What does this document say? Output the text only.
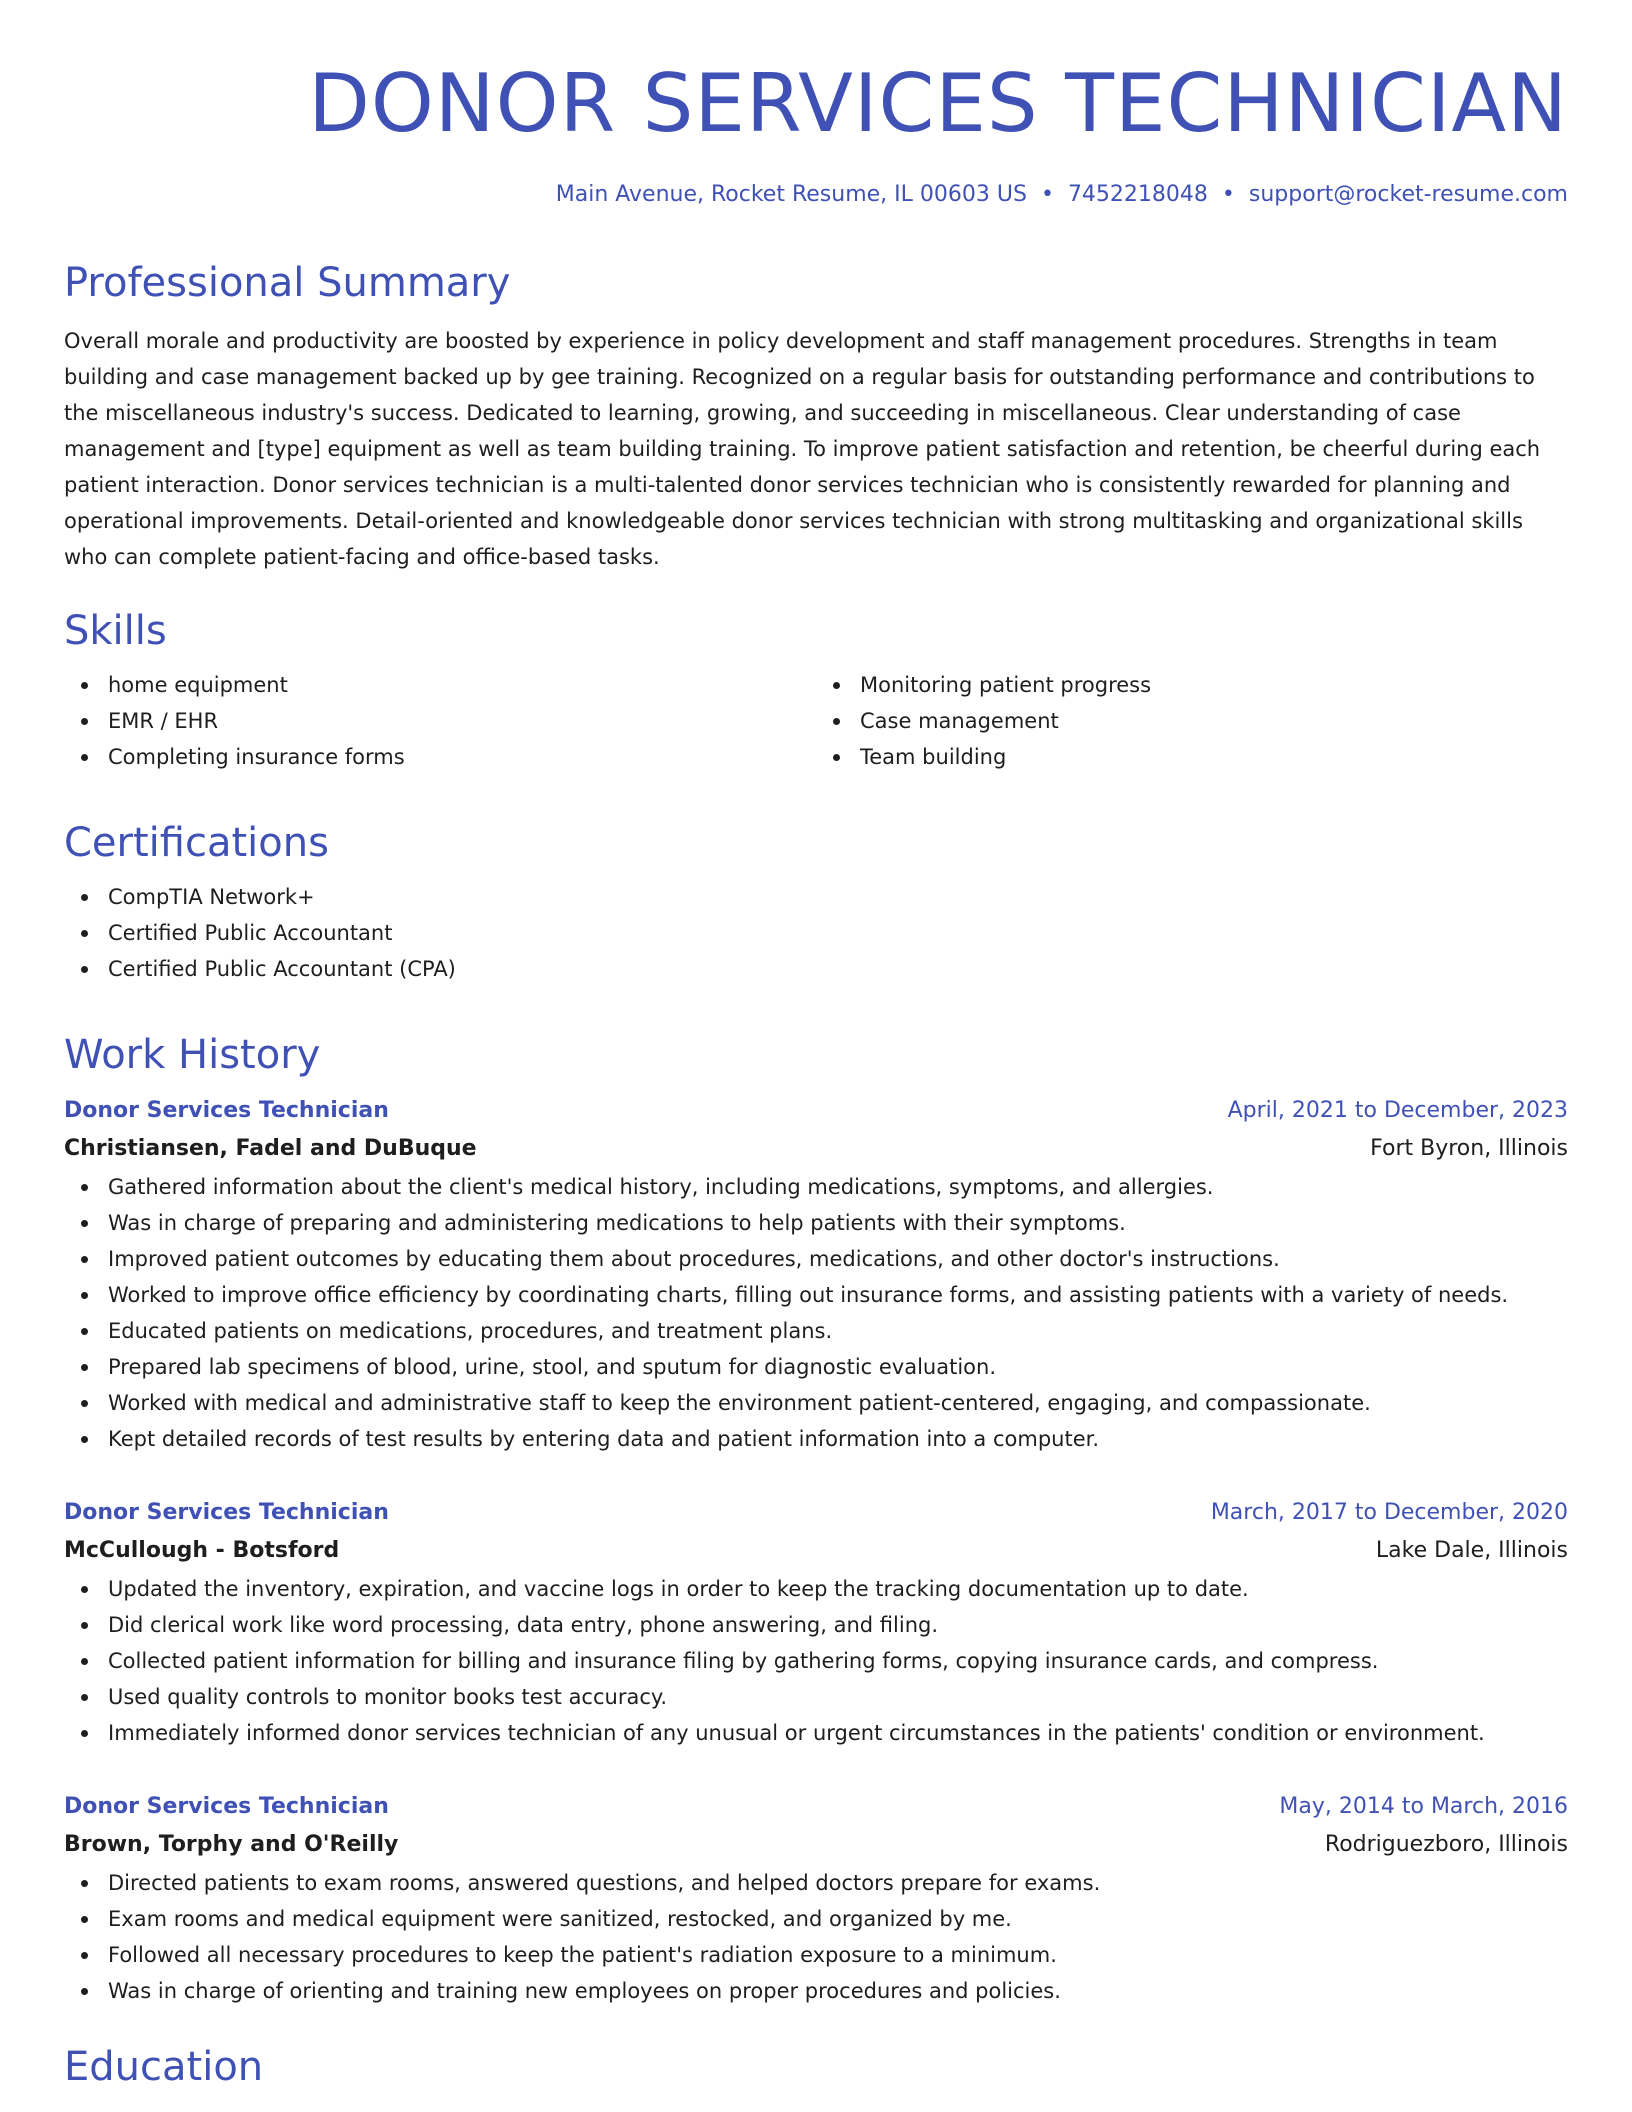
DONOR SERVICES TECHNICIAN
Main Avenue, Rocket Resume, IL 00603 US • 7452218048 • support@rocket-resume.com
Professional Summary

Overall morale and productivity are boosted by experience in policy development and staff management procedures. Strengths in team building and case management backed up by gee training. Recognized on a regular basis for outstanding performance and contributions to the miscellaneous industry's success. Dedicated to learning, growing, and succeeding in miscellaneous. Clear understanding of case management and [type] equipment as well as team building training. To improve patient satisfaction and retention, be cheerful during each patient interaction. Donor services technician is a multi-talented donor services technician who is consistently rewarded for planning and operational improvements. Detail-oriented and knowledgeable donor services technician with strong multitasking and organizational skills who can complete patient-facing and office-based tasks.

Skills
home equipment
EMR / EHR
Completing insurance forms
Monitoring patient progress
Case management
Team building
Certifications
CompTIA Network+
Certified Public Accountant
Certified Public Accountant (CPA)
Work History
Donor Services Technician	April, 2021 to December, 2023
Christiansen, Fadel and DuBuque	Fort Byron, Illinois
Gathered information about the client's medical history, including medications, symptoms, and allergies.
Was in charge of preparing and administering medications to help patients with their symptoms.
Improved patient outcomes by educating them about procedures, medications, and other doctor's instructions.
Worked to improve office efficiency by coordinating charts, filling out insurance forms, and assisting patients with a variety of needs.
Educated patients on medications, procedures, and treatment plans.
Prepared lab specimens of blood, urine, stool, and sputum for diagnostic evaluation.
Worked with medical and administrative staff to keep the environment patient-centered, engaging, and compassionate.
Kept detailed records of test results by entering data and patient information into a computer.
Donor Services Technician	March, 2017 to December, 2020
McCullough - Botsford	Lake Dale, Illinois
Updated the inventory, expiration, and vaccine logs in order to keep the tracking documentation up to date.
Did clerical work like word processing, data entry, phone answering, and filing.
Collected patient information for billing and insurance filing by gathering forms, copying insurance cards, and compress.
Used quality controls to monitor books test accuracy.
Immediately informed donor services technician of any unusual or urgent circumstances in the patients' condition or environment.
Donor Services Technician	May, 2014 to March, 2016
Brown, Torphy and O'Reilly	Rodriguezboro, Illinois
Directed patients to exam rooms, answered questions, and helped doctors prepare for exams.
Exam rooms and medical equipment were sanitized, restocked, and organized by me.
Followed all necessary procedures to keep the patient's radiation exposure to a minimum.
Was in charge of orienting and training new employees on proper procedures and policies.
Education
